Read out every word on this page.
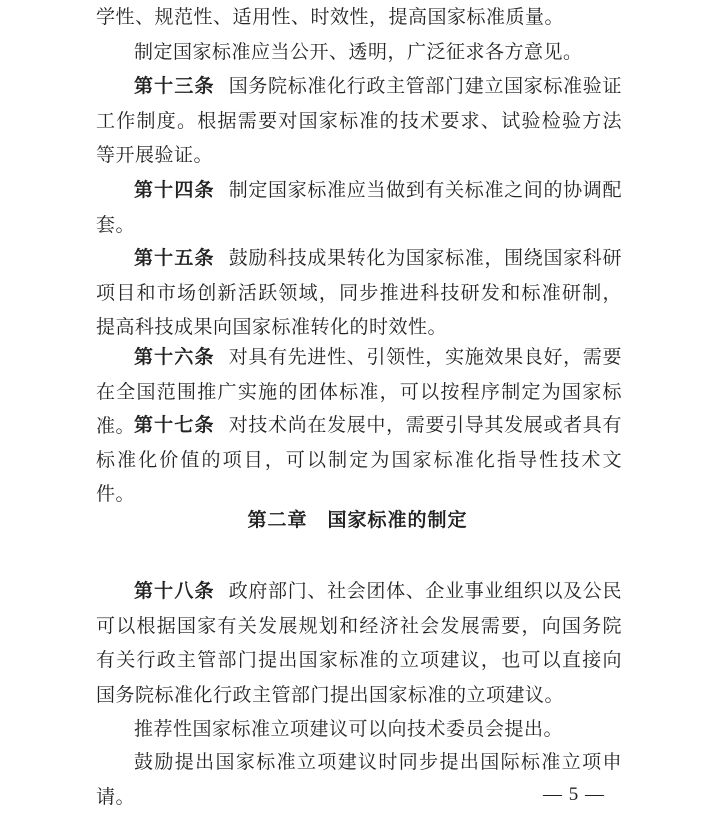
学性、规范性、适用性、时效性，提高国家标准质量。

制定国家标准应当公开、透明，广泛征求各方意见。

第十三条 国务院标准化行政主管部门建立国家标准验证工作制度。根据需要对国家标准的技术要求、试验检验方法等开展验证。

第十四条 制定国家标准应当做到有关标准之间的协调配套。

第十五条 鼓励科技成果转化为国家标准，围绕国家科研项目和市场创新活跃领域，同步推进科技研发和标准研制，提高科技成果向国家标准转化的时效性。

第十六条 对具有先进性、引领性，实施效果良好，需要在全国范围推广实施的团体标准，可以按程序制定为国家标准。

第十七条 对技术尚在发展中，需要引导其发展或者具有标准化价值的项目，可以制定为国家标准化指导性技术文件。

第二章　国家标准的制定

第十八条 政府部门、社会团体、企业事业组织以及公民可以根据国家有关发展规划和经济社会发展需要，向国务院有关行政主管部门提出国家标准的立项建议，也可以直接向国务院标准化行政主管部门提出国家标准的立项建议。

推荐性国家标准立项建议可以向技术委员会提出。

鼓励提出国家标准立项建议时同步提出国际标准立项申请。	— 5 —
